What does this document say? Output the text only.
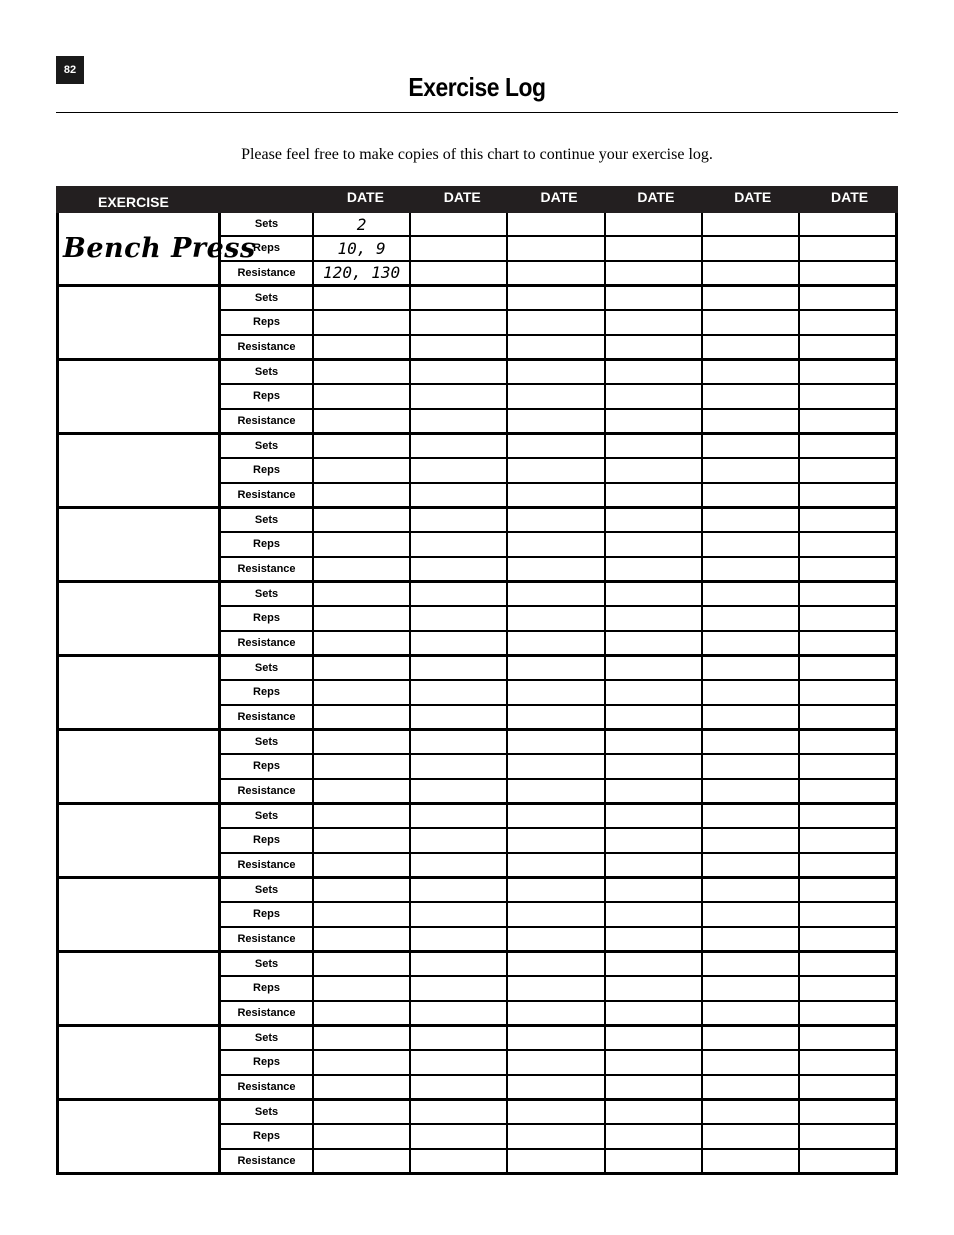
82
Exercise Log
Please feel free to make copies of this chart to continue your exercise log.
EXERCISE	DATE	DATE	DATE	DATE	DATE	DATE
Bench Press
Sets	2
Reps	10, 9
Resistance	120, 130
Sets
Reps
Resistance
Sets
Reps
Resistance
Sets
Reps
Resistance
Sets
Reps
Resistance
Sets
Reps
Resistance
Sets
Reps
Resistance
Sets
Reps
Resistance
Sets
Reps
Resistance
Sets
Reps
Resistance
Sets
Reps
Resistance
Sets
Reps
Resistance
Sets
Reps
Resistance
